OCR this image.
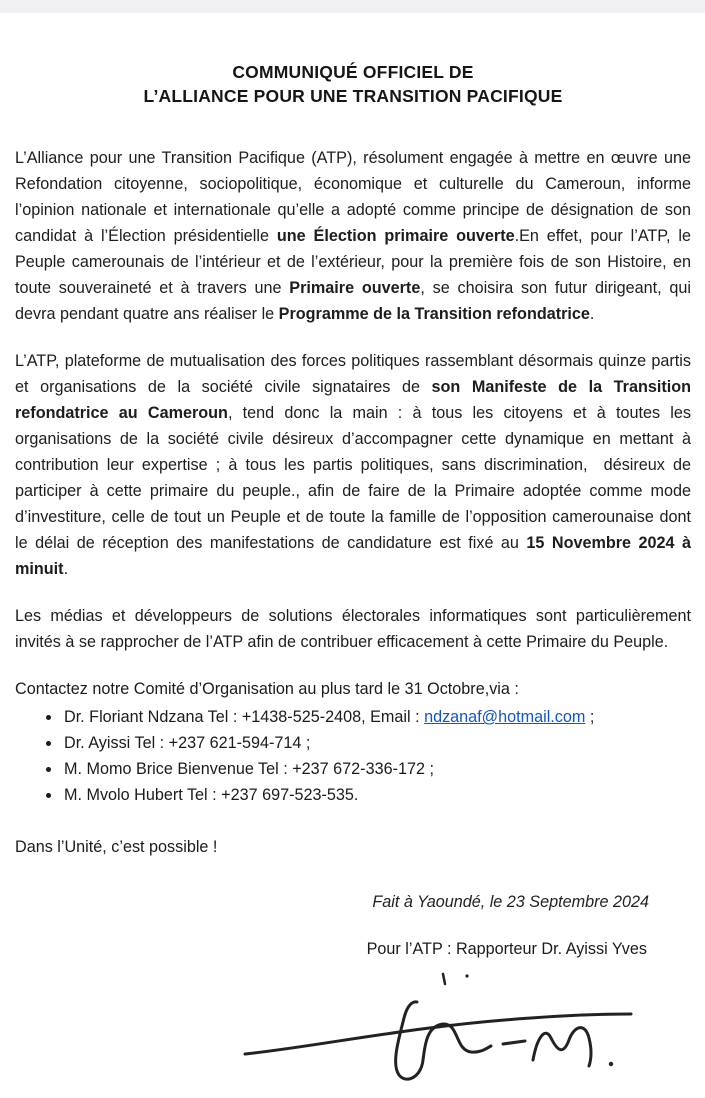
COMMUNIQUÉ OFFICIEL DE
L’ALLIANCE POUR UNE TRANSITION PACIFIQUE

L’Alliance pour une Transition Pacifique (ATP), résolument engagée à mettre en œuvre une Refondation citoyenne, sociopolitique, économique et culturelle du Cameroun, informe l’opinion nationale et internationale qu’elle a adopté comme principe de désignation de son candidat à l’Élection présidentielle une Élection primaire ouverte.En effet, pour l’ATP, le Peuple camerounais de l’intérieur et de l’extérieur, pour la première fois de son Histoire, en toute souveraineté et à travers une Primaire ouverte, se choisira son futur dirigeant, qui devra pendant quatre ans réaliser le Programme de la Transition refondatrice.

L’ATP, plateforme de mutualisation des forces politiques rassemblant désormais quinze partis et organisations de la société civile signataires de son Manifeste de la Transition refondatrice au Cameroun, tend donc la main : à tous les citoyens et à toutes les organisations de la société civile désireux d’accompagner cette dynamique en mettant à contribution leur expertise ; à tous les partis politiques, sans discrimination,  désireux de participer à cette primaire du peuple., afin de faire de la Primaire adoptée comme mode d’investiture, celle de tout un Peuple et de toute la famille de l’opposition camerounaise dont le délai de réception des manifestations de candidature est fixé au 15 Novembre 2024 à minuit.

Les médias et développeurs de solutions électorales informatiques sont particulièrement invités à se rapprocher de l’ATP afin de contribuer efficacement à cette Primaire du Peuple.

Contactez notre Comité d’Organisation au plus tard le 31 Octobre,via :

• Dr. Floriant Ndzana Tel : +1438-525-2408, Email : ndzanaf@hotmail.com ;
• Dr. Ayissi Tel : +237 621-594-714 ;
• M. Momo Brice Bienvenue Tel : +237 672-336-172 ;
• M. Mvolo Hubert Tel : +237 697-523-535.

Dans l’Unité, c’est possible !

Fait à Yaoundé, le 23 Septembre 2024

Pour l’ATP : Rapporteur Dr. Ayissi Yves
